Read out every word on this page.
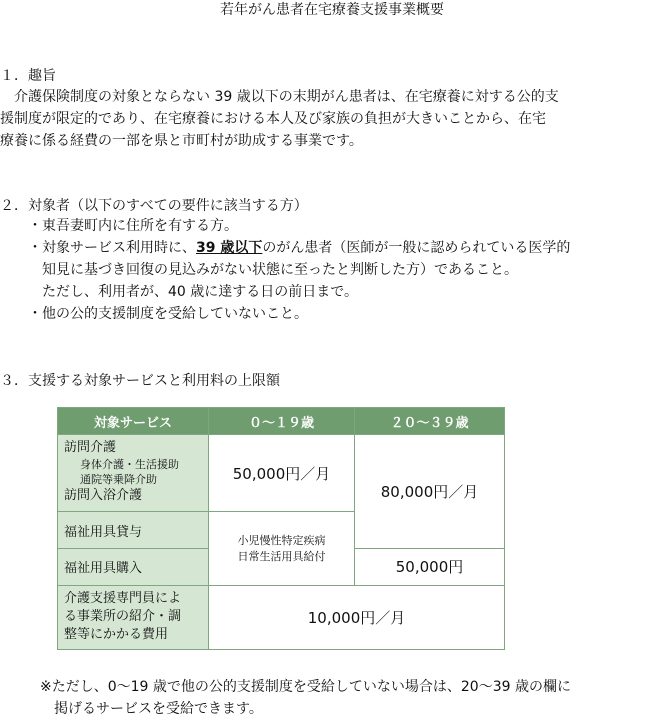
若年がん患者在宅療養支援事業概要
１．趣旨
　介護保険制度の対象とならない 39 歳以下の末期がん患者は、在宅療養に対する公的支
援制度が限定的であり、在宅療養における本人及び家族の負担が大きいことから、在宅
療養に係る経費の一部を県と市町村が助成する事業です。
２．対象者（以下のすべての要件に該当する方）
・東吾妻町内に住所を有する方。
・対象サービス利用時に、39 歳以下のがん患者（医師が一般に認められている医学的
知見に基づき回復の見込みがない状態に至ったと判断した方）であること。
ただし、利用者が、40 歳に達する日の前日まで。
・他の公的支援制度を受給していないこと。
３．支援する対象サービスと利用料の上限額
対象サービス	０～１９歳	２０～３９歳

訪問介護
身体介護・生活援助
通院等乗降介助
訪問入浴介護	50,000円／月	80,000円／月
福祉用具貸与	小児慢性特定疾病
日常生活用具給付	

福祉用具購入		50,000円

介護支援専門員によ
る事業所の紹介・調
整等にかかる費用	10,000円／月	
※ただし、0～19 歳で他の公的支援制度を受給していない場合は、20～39 歳の欄に
　掲げるサービスを受給できます。
